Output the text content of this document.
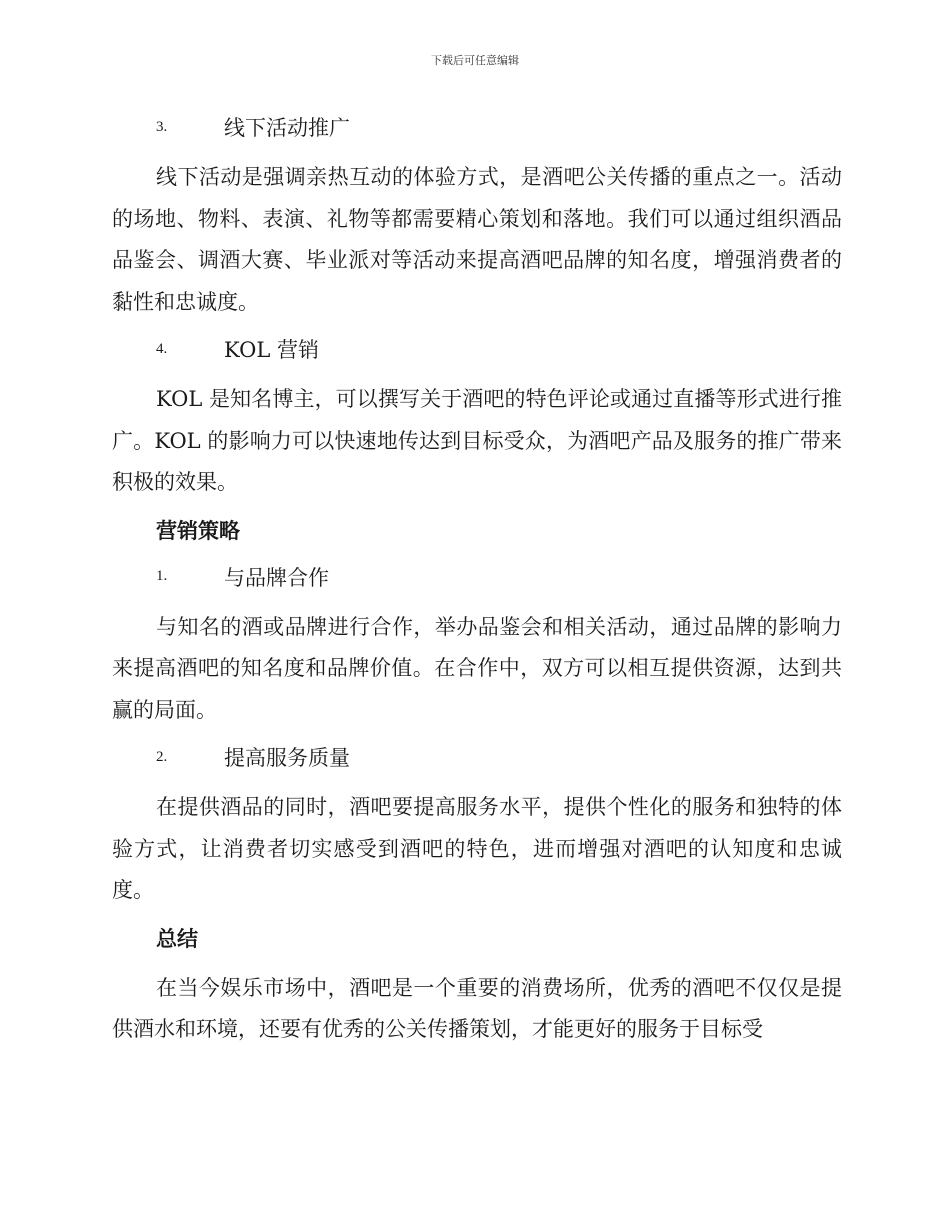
下载后可任意编辑
3.	线下活动推广

线下活动是强调亲热互动的体验方式，是酒吧公关传播的重点之一。活动的场地、物料、表演、礼物等都需要精心策划和落地。我们可以通过组织酒品品鉴会、调酒大赛、毕业派对等活动来提高酒吧品牌的知名度，增强消费者的黏性和忠诚度。

4.	KOL 营销

KOL 是知名博主，可以撰写关于酒吧的特色评论或通过直播等形式进行推广。KOL 的影响力可以快速地传达到目标受众，为酒吧产品及服务的推广带来积极的效果。

营销策略
1.	与品牌合作

与知名的酒或品牌进行合作，举办品鉴会和相关活动，通过品牌的影响力来提高酒吧的知名度和品牌价值。在合作中，双方可以相互提供资源，达到共赢的局面。

2.	提高服务质量

在提供酒品的同时，酒吧要提高服务水平，提供个性化的服务和独特的体验方式，让消费者切实感受到酒吧的特色，进而增强对酒吧的认知度和忠诚度。

总结

在当今娱乐市场中，酒吧是一个重要的消费场所，优秀的酒吧不仅仅是提供酒水和环境，还要有优秀的公关传播策划，才能更好的服务于目标受
